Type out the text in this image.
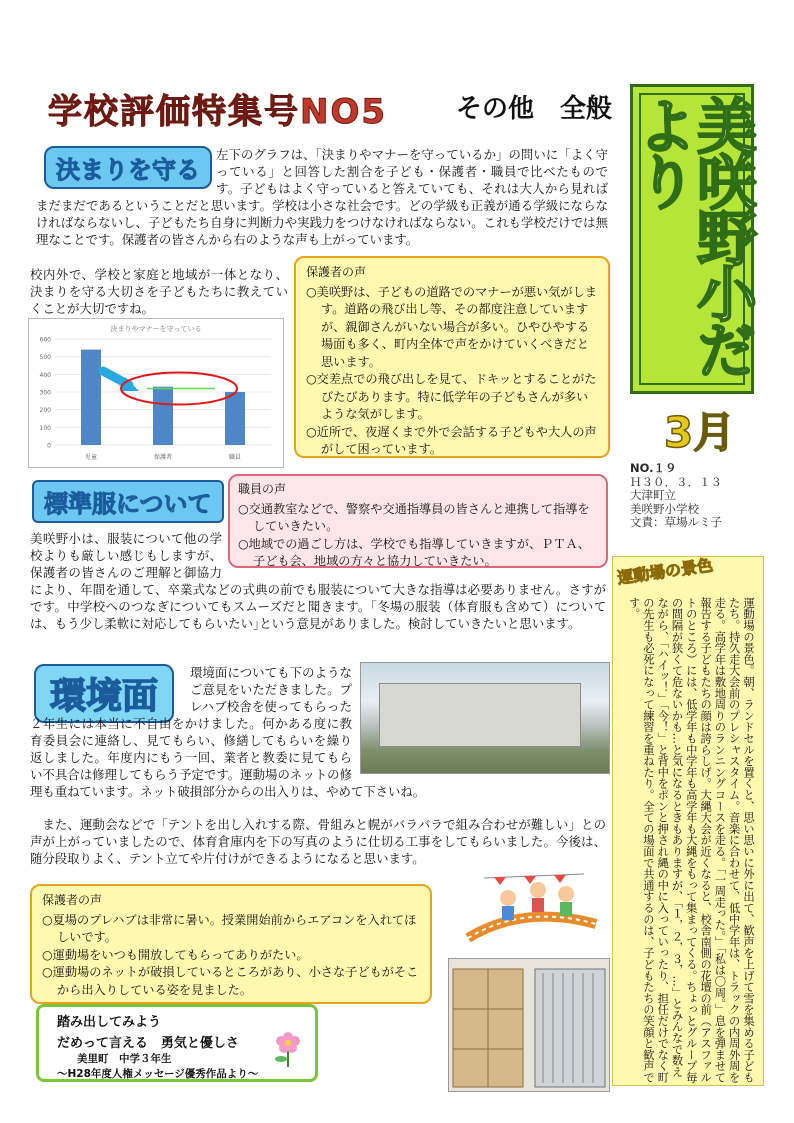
学校評価特集号NO5	その他　全般	美咲野小だより
3月
NO.１９
Ｈ３０．３．１３
大津町立
美咲野小学校
文責：草場ルミ子
決まりを守る
左下のグラフは、「決まりやマナーを守っているか」の問いに「よく守っている」と回答した割合を子ども・保護者・職員で比べたものです。子どもはよく守っていると答えていても、それは大人から見ればまだまだであるということだと思います。学校は小さな社会です。どの学級も正義が通る学級にならなければならないし、子どもたち自身に判断力や実践力をつけなければならない。これも学校だけでは無理なことです。保護者の皆さんから右のような声も上がっています。
校内外で、学校と家庭と地域が一体となり、決まりを守る大切さを子どもたちに教えていくことが大切ですね。
保護者の声
○美咲野は、子どもの道路でのマナーが悪い気がします。道路の飛び出し等、その都度注意していますが、親御さんがいない場合が多い。ひやひやする場面も多く、町内全体で声をかけていくべきだと思います。
○交差点での飛び出しを見て、ドキッとすることがたびたびあります。特に低学年の子どもさんが多いような気がします。
○近所で、夜遅くまで外で会話する子どもや大人の声がして困っています。
決まりやマナーを守っている
0
100
200
300
400
500
600
児童	保護者	職員
標準服について
職員の声
○交通教室などで、警察や交通指導員の皆さんと連携して指導をしていきたい。
○地域での過ごし方は、学校でも指導していきますが、ＰＴＡ、子ども会、地域の方々と協力していきたい。
美咲野小は、服装について他の学校よりも厳しい感じもしますが、保護者の皆さんのご理解と御協力により、年間を通して、卒業式などの式典の前でも服装について大きな指導は必要ありません。さすがです。中学校へのつなぎについてもスムーズだと聞きます。｢冬場の服装（体育服も含めて）については、もう少し柔軟に対応してもらいたい｣という意見がありました。検討していきたいと思います。
環境面
環境面についても下のようなご意見をいただきました。プレハブ校舎を使ってもらった２年生には本当に不自由をかけました。何かある度に教育委員会に連絡し、見てもらい、修繕してもらいを繰り返しました。年度内にもう一回、業者と教委に見てもらい不具合は修理してもらう予定です。運動場のネットの修理も重ねています。ネット破損部分からの出入りは、やめて下さいね。
また、運動会などで「テントを出し入れする際、骨組みと幌がバラバラで組み合わせが難しい」との声が上がっていましたので、体育倉庫内を下の写真のように仕切る工事をしてもらいました。今後は、随分段取りよく、テント立てや片付けができるようになると思います。
保護者の声
○夏場のプレハブは非常に暑い。授業開始前からエアコンを入れてほしいです。
○運動場をいつも開放してもらってありがたい。
○運動場のネットが破損しているところがあり、小さな子どもがそこから出入りしている姿を見ました。
踏み出してみよう
だめって言える　勇気と優しさ
美里町　中学３年生
～H28年度人権メッセージ優秀作品より～
運動場の景色
運動場の景色。朝、ランドセルを置くと、思い思いに外に出て、歓声を上げて雪を集める子どもたち。持久走大会前のプレシャスタイム。音楽に合わせて、低中学年は、トラックの内周外周を走る。高学年は敷地周りのランニングコースを走る。「一周走った。」「私は〇周。」息を弾ませて報告する子どもたちの顔は誇らしげ。大縄大会が近くなると、校舎南側の花壇の前（アスファルトのところ）には、低学年も中学年も高学年も大縄をもって集まってくる。ちょっとグループ毎の間隔が狭くて危ないかも…と気になるときもありますが、「１，２，３，…」とみんなで数えながら、「ハイッ！」「今！」と背中をポンと押され縄の中に入っていったり、担任だけでなく町の先生も必死になって練習を重ねたり。全ての場面で共通するのは、子どもたちの笑顔と歓声です。
